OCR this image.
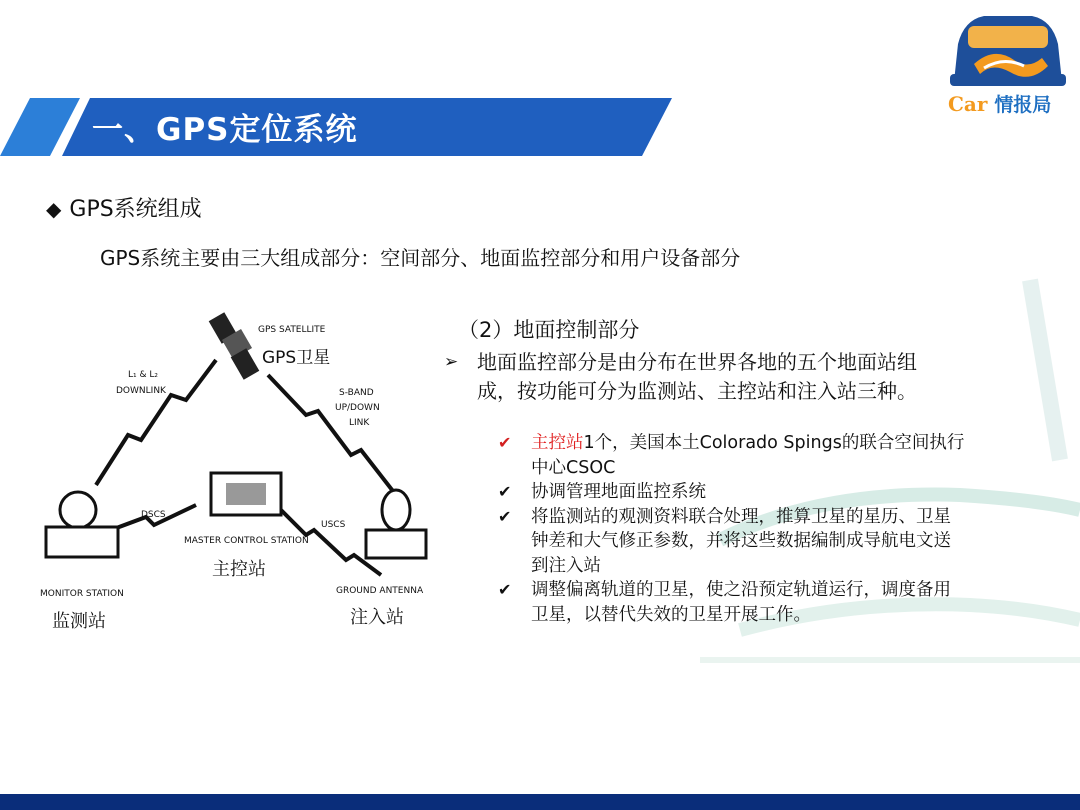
一、GPS定位系统
Car 情报局
◆ GPS系统组成
GPS系统主要由三大组成部分：空间部分、地面监控部分和用户设备部分
GPS SATELLITE
GPS卫星
L₁ & L₂
DOWNLINK	S-BAND
UP/DOWN
LINK
DSCS
USCS
MASTER CONTROL STATION
主控站
MONITOR STATION
监测站
GROUND ANTENNA
注入站
（2）地面控制部分
➢ 地面监控部分是由分布在世界各地的五个地面站组成，按功能可分为监测站、主控站和注入站三种。
✔ 主控站1个，美国本土Colorado Spings的联合空间执行中心CSOC
✔ 协调管理地面监控系统
✔ 将监测站的观测资料联合处理，推算卫星的星历、卫星钟差和大气修正参数，并将这些数据编制成导航电文送到注入站
✔ 调整偏离轨道的卫星，使之沿预定轨道运行，调度备用卫星，以替代失效的卫星开展工作。
